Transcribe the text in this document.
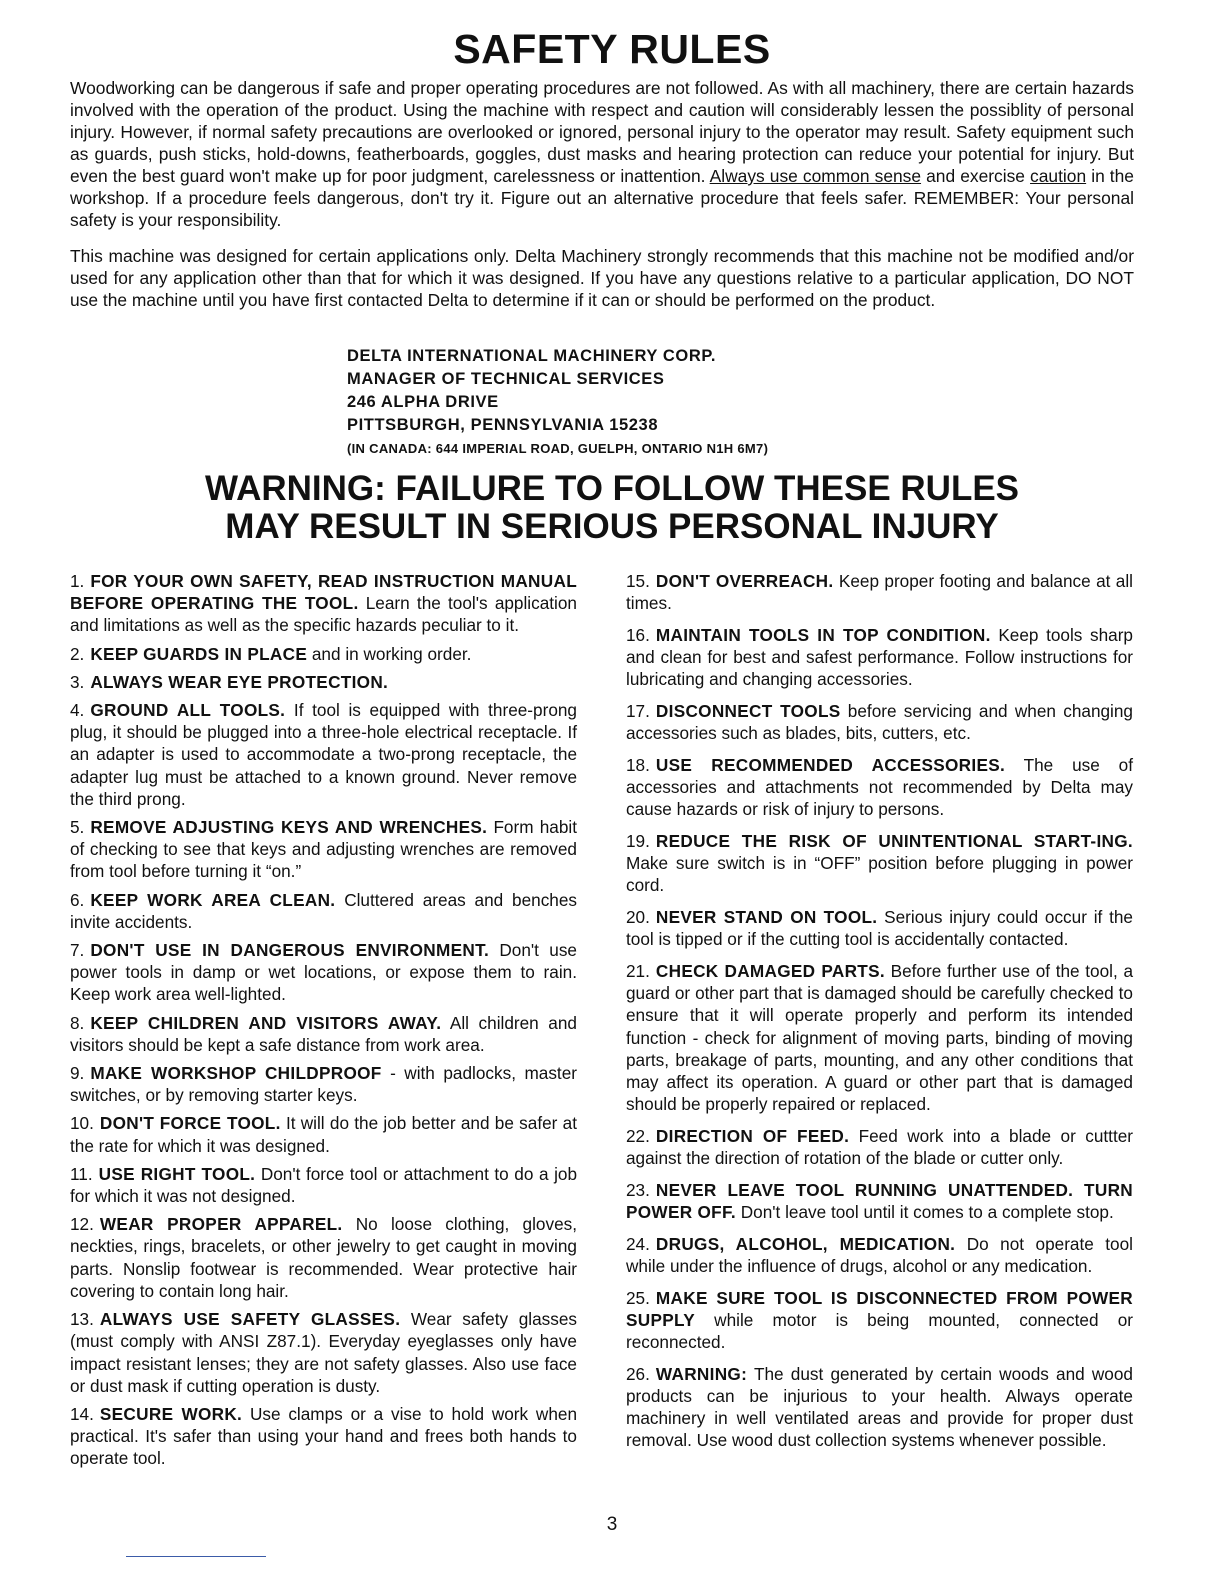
SAFETY RULES

Woodworking can be dangerous if safe and proper operating procedures are not followed. As with all machinery, there are certain hazards involved with the operation of the product. Using the machine with respect and caution will considerably lessen the possiblity of personal injury. However, if normal safety precautions are overlooked or ignored, personal injury to the operator may result. Safety equipment such as guards, push sticks, hold-downs, featherboards, goggles, dust masks and hearing protection can reduce your potential for injury. But even the best guard won't make up for poor judgment, carelessness or inattention. Always use common sense and exercise caution in the workshop. If a procedure feels dangerous, don't try it. Figure out an alternative procedure that feels safer. REMEMBER: Your personal safety is your responsibility.

This machine was designed for certain applications only. Delta Machinery strongly recommends that this machine not be modified and/or used for any application other than that for which it was designed. If you have any questions relative to a particular application, DO NOT use the machine until you have first contacted Delta to determine if it can or should be performed on the product.

DELTA INTERNATIONAL MACHINERY CORP.
MANAGER OF TECHNICAL SERVICES
246 ALPHA DRIVE
PITTSBURGH, PENNSYLVANIA 15238
(IN CANADA: 644 IMPERIAL ROAD, GUELPH, ONTARIO N1H 6M7)
WARNING: FAILURE TO FOLLOW THESE RULES
MAY RESULT IN SERIOUS PERSONAL INJURY

1. FOR YOUR OWN SAFETY, READ INSTRUCTION MANUAL BEFORE OPERATING THE TOOL. Learn the tool's application and limitations as well as the specific hazards peculiar to it.

2. KEEP GUARDS IN PLACE and in working order.

3. ALWAYS WEAR EYE PROTECTION.

4. GROUND ALL TOOLS. If tool is equipped with three-prong plug, it should be plugged into a three-hole electrical receptacle. If an adapter is used to accommodate a two-prong receptacle, the adapter lug must be attached to a known ground. Never remove the third prong.

5. REMOVE ADJUSTING KEYS AND WRENCHES. Form habit of checking to see that keys and adjusting wrenches are removed from tool before turning it “on.”

6. KEEP WORK AREA CLEAN. Cluttered areas and benches invite accidents.

7. DON'T USE IN DANGEROUS ENVIRONMENT. Don't use power tools in damp or wet locations, or expose them to rain. Keep work area well-lighted.

8. KEEP CHILDREN AND VISITORS AWAY. All children and visitors should be kept a safe distance from work area.

9. MAKE WORKSHOP CHILDPROOF - with padlocks, master switches, or by removing starter keys.

10. DON'T FORCE TOOL. It will do the job better and be safer at the rate for which it was designed.

11. USE RIGHT TOOL. Don't force tool or attachment to do a job for which it was not designed.

12. WEAR PROPER APPAREL. No loose clothing, gloves, neckties, rings, bracelets, or other jewelry to get caught in moving parts. Nonslip footwear is recommended. Wear protective hair covering to contain long hair.

13. ALWAYS USE SAFETY GLASSES. Wear safety glasses (must comply with ANSI Z87.1). Everyday eyeglasses only have impact resistant lenses; they are not safety glasses. Also use face or dust mask if cutting operation is dusty.

14. SECURE WORK. Use clamps or a vise to hold work when practical. It's safer than using your hand and frees both hands to operate tool.

15. DON'T OVERREACH. Keep proper footing and balance at all times.

16. MAINTAIN TOOLS IN TOP CONDITION. Keep tools sharp and clean for best and safest performance. Follow instructions for lubricating and changing accessories.

17. DISCONNECT TOOLS before servicing and when changing accessories such as blades, bits, cutters, etc.

18. USE RECOMMENDED ACCESSORIES. The use of accessories and attachments not recommended by Delta may cause hazards or risk of injury to persons.

19. REDUCE THE RISK OF UNINTENTIONAL START-ING. Make sure switch is in “OFF” position before plugging in power cord.

20. NEVER STAND ON TOOL. Serious injury could occur if the tool is tipped or if the cutting tool is accidentally contacted.

21. CHECK DAMAGED PARTS. Before further use of the tool, a guard or other part that is damaged should be carefully checked to ensure that it will operate properly and perform its intended function - check for alignment of moving parts, binding of moving parts, breakage of parts, mounting, and any other conditions that may affect its operation. A guard or other part that is damaged should be properly repaired or replaced.

22. DIRECTION OF FEED. Feed work into a blade or cuttter against the direction of rotation of the blade or cutter only.

23. NEVER LEAVE TOOL RUNNING UNATTENDED. TURN POWER OFF. Don't leave tool until it comes to a complete stop.

24. DRUGS, ALCOHOL, MEDICATION. Do not operate tool while under the influence of drugs, alcohol or any medication.

25. MAKE SURE TOOL IS DISCONNECTED FROM POWER SUPPLY while motor is being mounted, connected or reconnected.

26. WARNING: The dust generated by certain woods and wood products can be injurious to your health. Always operate machinery in well ventilated areas and provide for proper dust removal. Use wood dust collection systems whenever possible.

3
